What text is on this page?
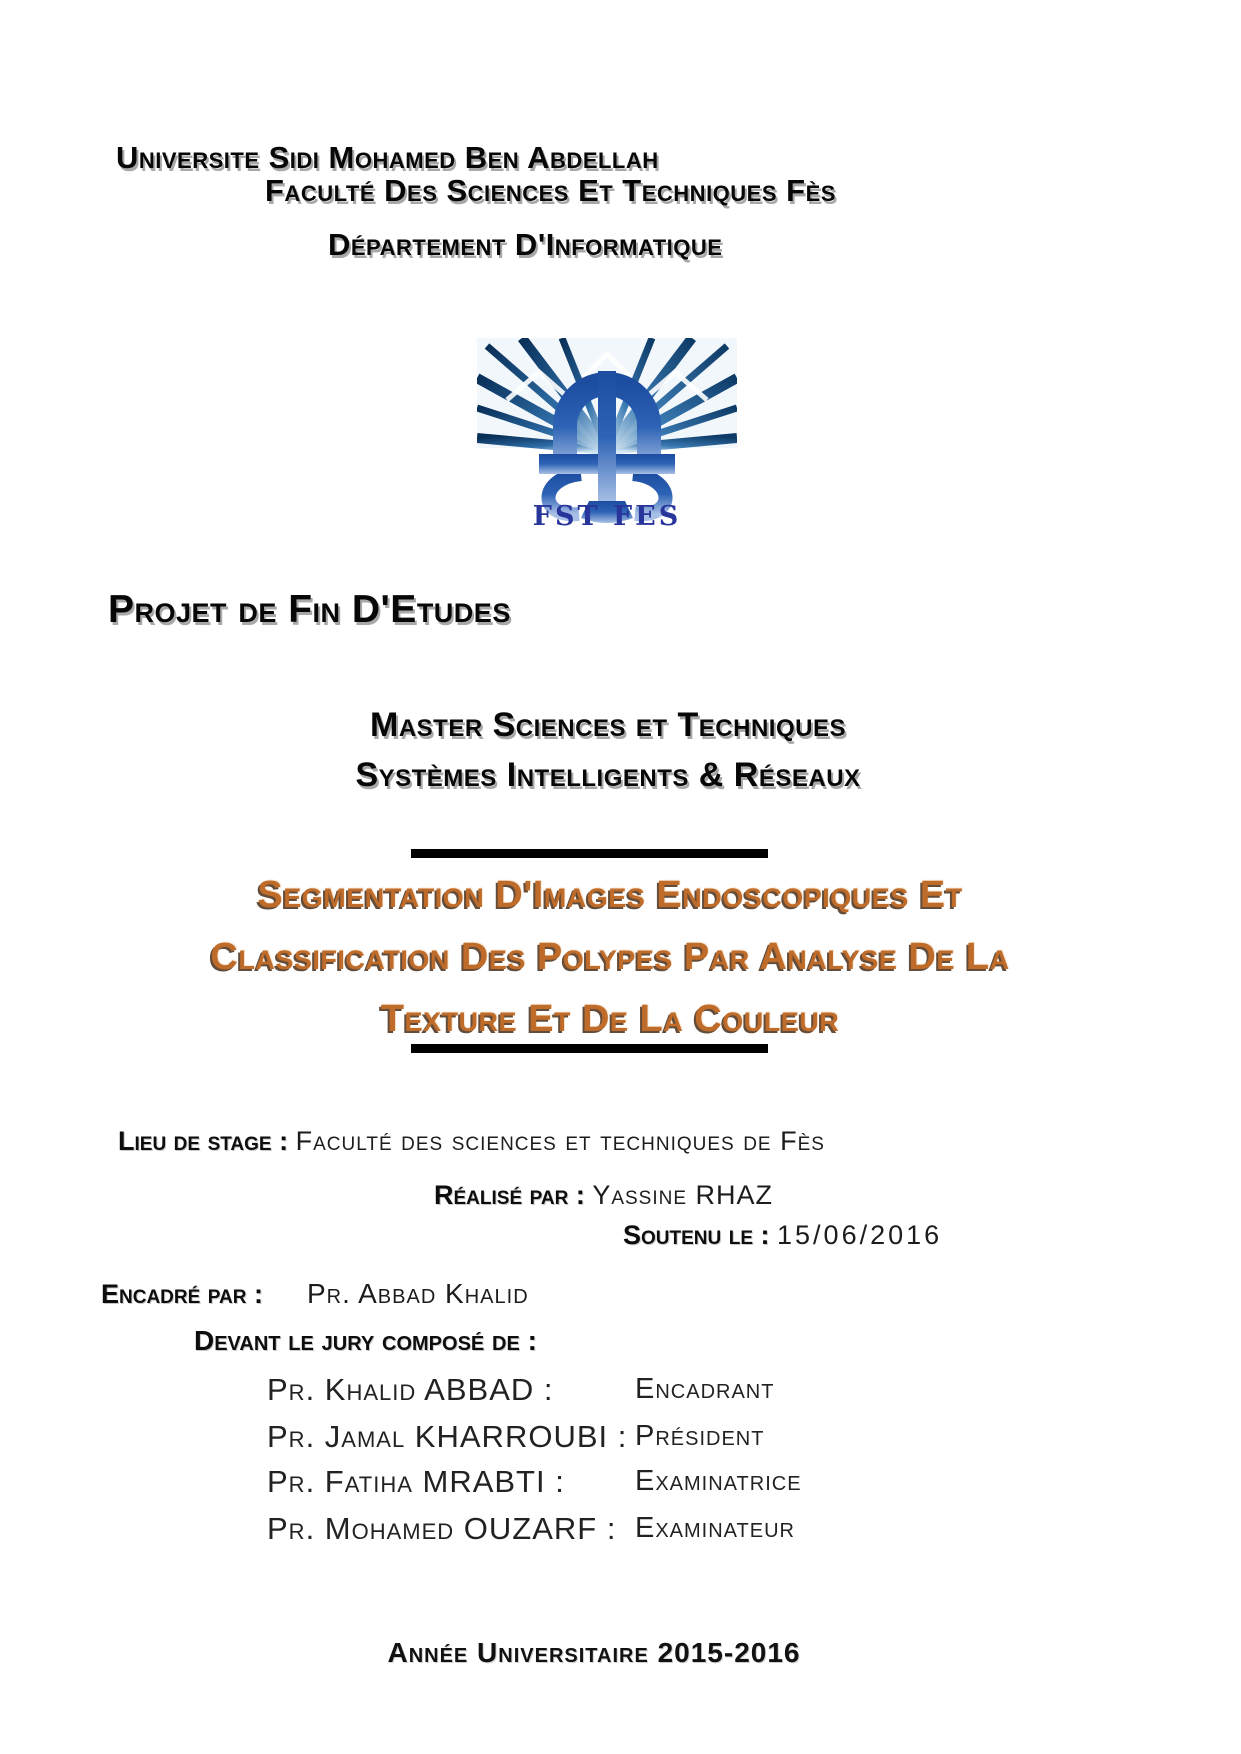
Universite Sidi Mohamed Ben Abdellah
Faculté Des Sciences Et Techniques Fès
Département D'Informatique
FST FES
Projet de Fin D'Etudes
Master Sciences et Techniques
Systèmes Intelligents & Réseaux
Segmentation D'Images Endoscopiques Et
Classification Des Polypes Par Analyse De La
Texture Et De La Couleur
Lieu de stage : Faculté des sciences et techniques de Fès
Réalisé par : Yassine RHAZ
Soutenu le : 15/06/2016
Encadré par : Pr. Abbad Khalid
Devant le jury composé de :
Pr. Khalid ABBAD :	Encadrant
Pr. Jamal KHARROUBI : Président
Pr. Fatiha MRABTI : Examinatrice
Pr. Mohamed OUZARF : Examinateur
Année Universitaire 2015-2016
